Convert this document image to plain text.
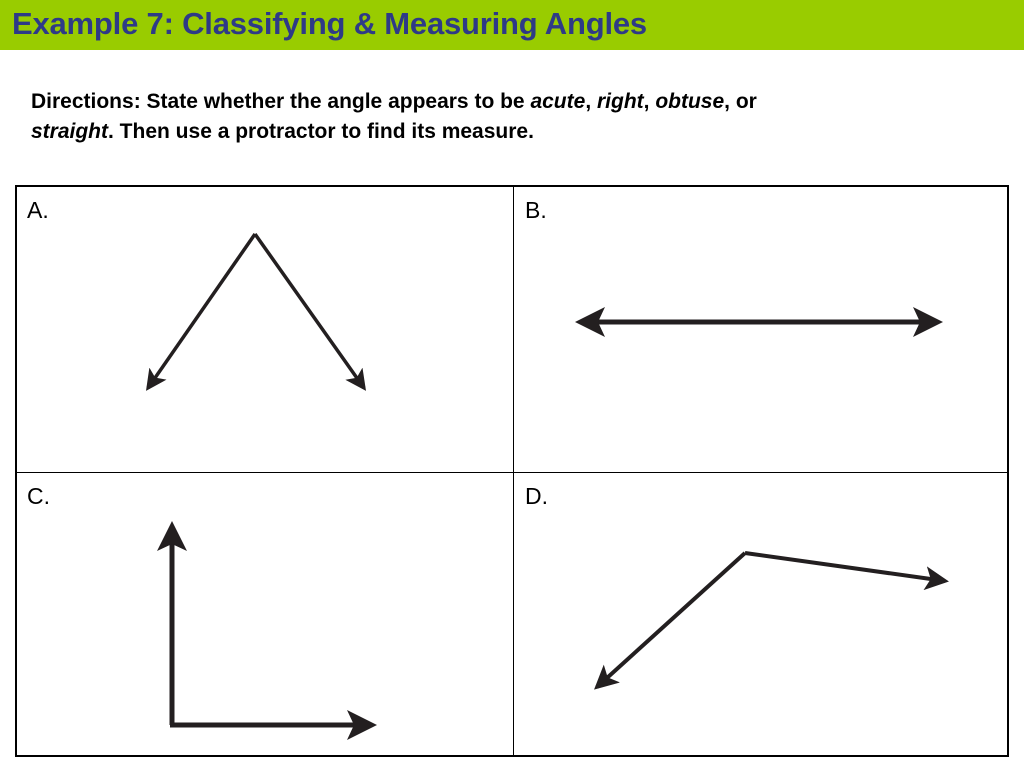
Example 7: Classifying & Measuring Angles
Directions: State whether the angle appears to be acute, right, obtuse, or
straight. Then use a protractor to find its measure.
A.	B.
C.	D.
